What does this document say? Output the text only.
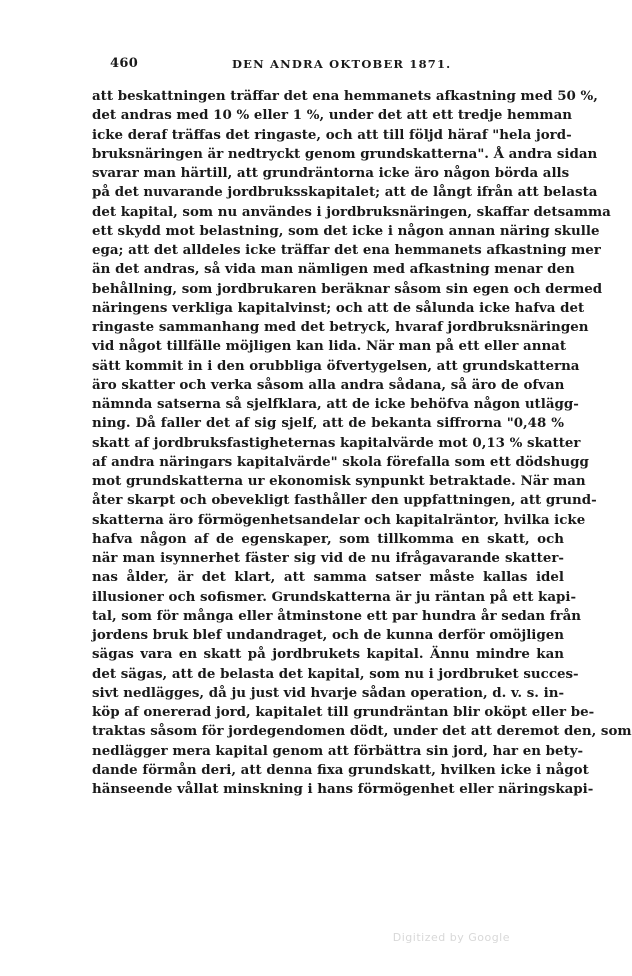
460	DEN ANDRA OKTOBER 1871.
att beskattningen träffar det ena hemmanets afkastning med 50 %,
det andras med 10 % eller 1 %, under det att ett tredje hemman
icke deraf träffas det ringaste, och att till följd häraf "hela jord-
bruksnäringen är nedtryckt genom grundskatterna". Å andra sidan
svarar man härtill, att grundräntorna icke äro någon börda alls
på det nuvarande jordbruksskapitalet; att de långt ifrån att belasta
det kapital, som nu användes i jordbruksnäringen, skaffar detsamma
ett skydd mot belastning, som det icke i någon annan näring skulle
ega; att det alldeles icke träffar det ena hemmanets afkastning mer
än det andras, så vida man nämligen med afkastning menar den
behållning, som jordbrukaren beräknar såsom sin egen och dermed
näringens verkliga kapitalvinst; och att de sålunda icke hafva det
ringaste sammanhang med det betryck, hvaraf jordbruksnäringen
vid något tillfälle möjligen kan lida. När man på ett eller annat
sätt kommit in i den orubbliga öfvertygelsen, att grundskatterna
äro skatter och verka såsom alla andra sådana, så äro de ofvan
nämnda satserna så sjelfklara, att de icke behöfva någon utlägg-
ning. Då faller det af sig sjelf, att de bekanta siffrorna "0,48 %
skatt af jordbruksfastigheternas kapitalvärde mot 0,13 % skatter
af andra näringars kapitalvärde" skola förefalla som ett dödshugg
mot grundskatterna ur ekonomisk synpunkt betraktade. När man
åter skarpt och obevekligt fasthåller den uppfattningen, att grund-
skatterna äro förmögenhetsandelar och kapitalräntor, hvilka icke
hafva någon af de egenskaper, som tillkomma en skatt, och
när man isynnerhet fäster sig vid de nu ifrågavarande skatter-
nas ålder, är det klart, att samma satser måste kallas idel
illusioner och sofismer. Grundskatterna är ju räntan på ett kapi-
tal, som för många eller åtminstone ett par hundra år sedan från
jordens bruk blef undandraget, och de kunna derför omöjligen
sägas vara en skatt på jordbrukets kapital. Ännu mindre kan
det sägas, att de belasta det kapital, som nu i jordbruket succes-
sivt nedlägges, då ju just vid hvarje sådan operation, d. v. s. in-
köp af onererad jord, kapitalet till grundräntan blir oköpt eller be-
traktas såsom för jordegendomen dödt, under det att deremot den, som
nedlägger mera kapital genom att förbättra sin jord, har en bety-
dande förmån deri, att denna fixa grundskatt, hvilken icke i något
hänseende vållat minskning i hans förmögenhet eller näringskapi-
Digitized by Google
